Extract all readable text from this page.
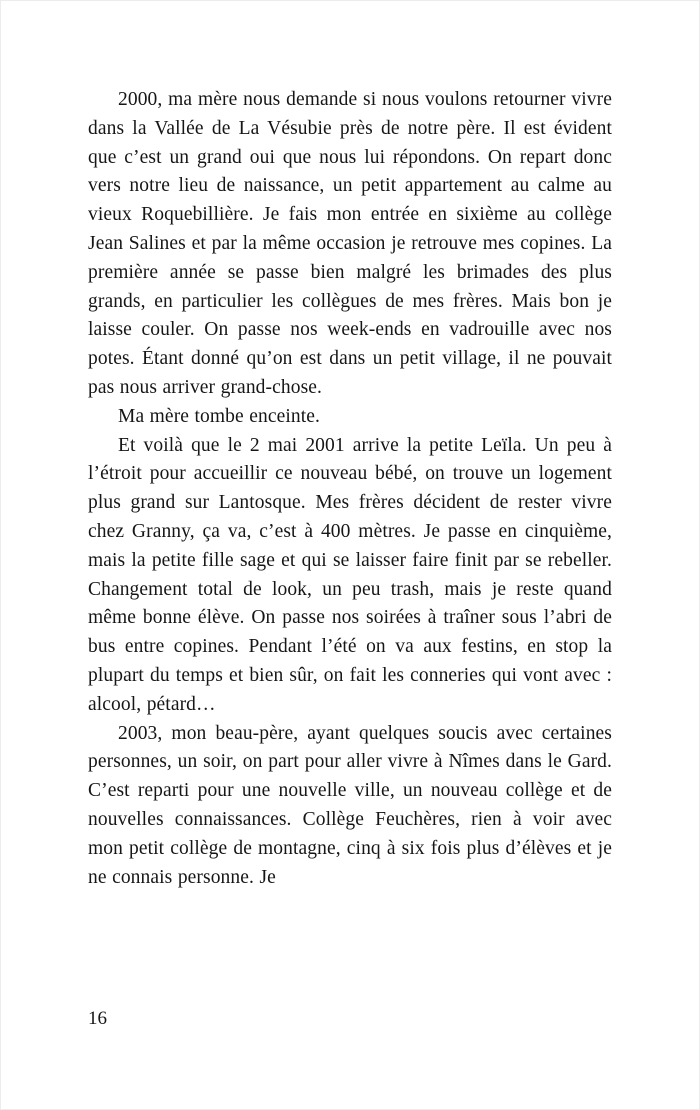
2000, ma mère nous demande si nous voulons retourner vivre dans la Vallée de La Vésubie près de notre père. Il est évident que c’est un grand oui que nous lui répondons. On repart donc vers notre lieu de naissance, un petit appartement au calme au vieux Roquebillière. Je fais mon entrée en sixième au collège Jean Salines et par la même occasion je retrouve mes copines. La première année se passe bien malgré les brimades des plus grands, en particulier les collègues de mes frères. Mais bon je laisse couler. On passe nos week-ends en vadrouille avec nos potes. Étant donné qu’on est dans un petit village, il ne pouvait pas nous arriver grand-chose.

Ma mère tombe enceinte.

Et voilà que le 2 mai 2001 arrive la petite Leïla. Un peu à l’étroit pour accueillir ce nouveau bébé, on trouve un logement plus grand sur Lantosque. Mes frères décident de rester vivre chez Granny, ça va, c’est à 400 mètres. Je passe en cinquième, mais la petite fille sage et qui se laisser faire finit par se rebeller. Changement total de look, un peu trash, mais je reste quand même bonne élève. On passe nos soirées à traîner sous l’abri de bus entre copines. Pendant l’été on va aux festins, en stop la plupart du temps et bien sûr, on fait les conneries qui vont avec : alcool, pétard…

2003, mon beau-père, ayant quelques soucis avec certaines personnes, un soir, on part pour aller vivre à Nîmes dans le Gard. C’est reparti pour une nouvelle ville, un nouveau collège et de nouvelles connaissances. Collège Feuchères, rien à voir avec mon petit collège de montagne, cinq à six fois plus d’élèves et je ne connais personne. Je

16
